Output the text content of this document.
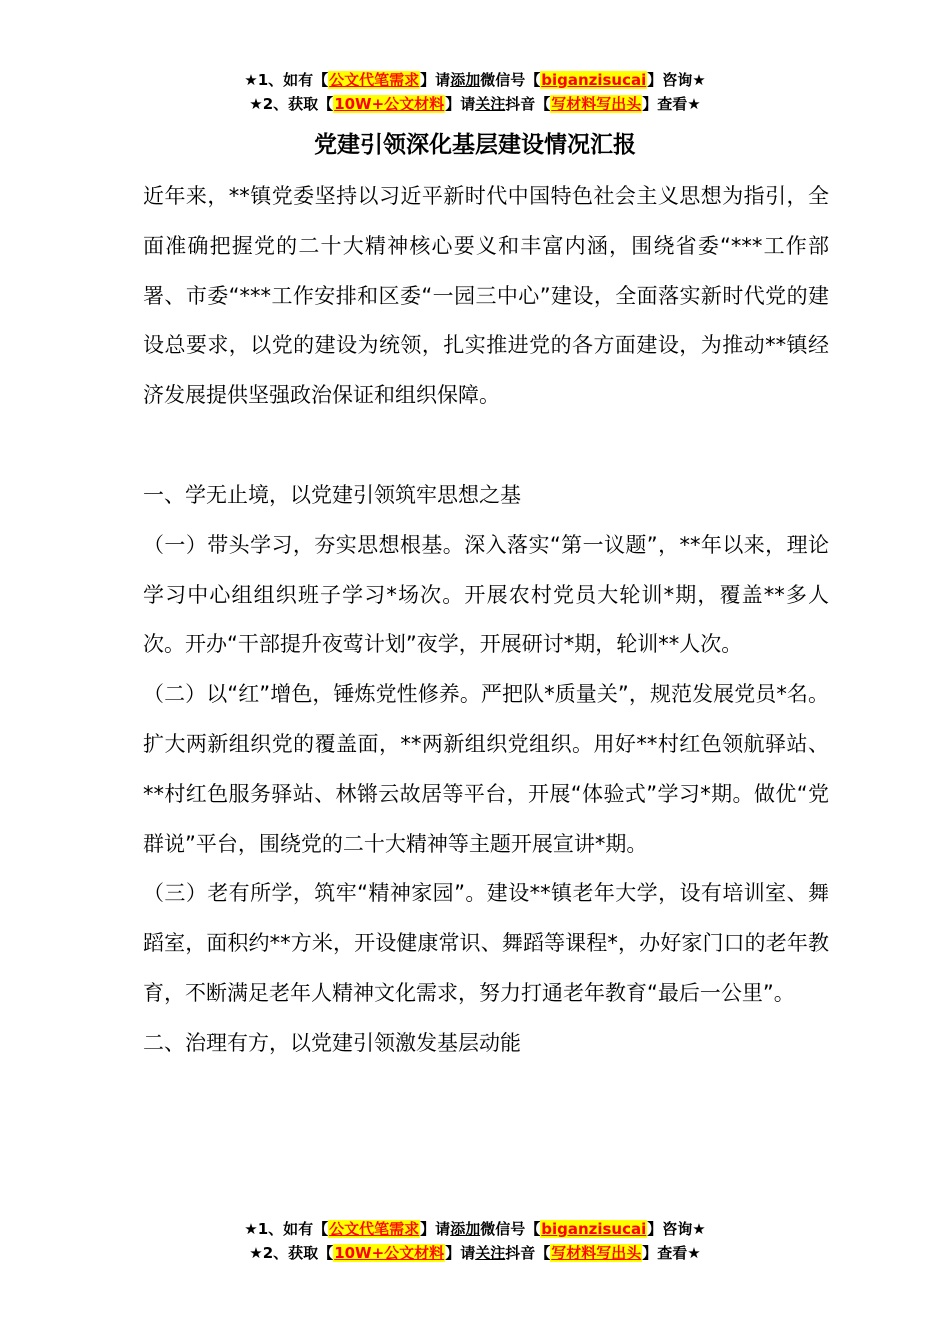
★1、如有【公文代笔需求】请添加微信号【biganzisucai】咨询★
★2、获取【10W+公文材料】请关注抖音【写材料写出头】查看★
党建引领深化基层建设情况汇报

近年来，**镇党委坚持以习近平新时代中国特色社会主义思想为指引，全面准确把握党的二十大精神核心要义和丰富内涵，围绕省委“***工作部署、市委“***工作安排和区委“一园三中心”建设，全面落实新时代党的建设总要求，以党的建设为统领，扎实推进党的各方面建设，为推动**镇经济发展提供坚强政治保证和组织保障。

一、学无止境，以党建引领筑牢思想之基

（一）带头学习，夯实思想根基。深入落实“第一议题”，**年以来，理论学习中心组组织班子学习*场次。开展农村党员大轮训*期，覆盖**多人次。开办“干部提升夜莺计划”夜学，开展研讨*期，轮训**人次。

（二）以“红”增色，锤炼党性修养。严把队*质量关”，规范发展党员*名。扩大两新组织党的覆盖面，**两新组织党组织。用好**村红色领航驿站、**村红色服务驿站、林锵云故居等平台，开展“体验式”学习*期。做优“党群说”平台，围绕党的二十大精神等主题开展宣讲*期。

（三）老有所学，筑牢“精神家园”。建设**镇老年大学，设有培训室、舞蹈室，面积约**方米，开设健康常识、舞蹈等课程*，办好家门口的老年教育，不断满足老年人精神文化需求，努力打通老年教育“最后一公里”。

二、治理有方，以党建引领激发基层动能

★1、如有【公文代笔需求】请添加微信号【biganzisucai】咨询★
★2、获取【10W+公文材料】请关注抖音【写材料写出头】查看★
